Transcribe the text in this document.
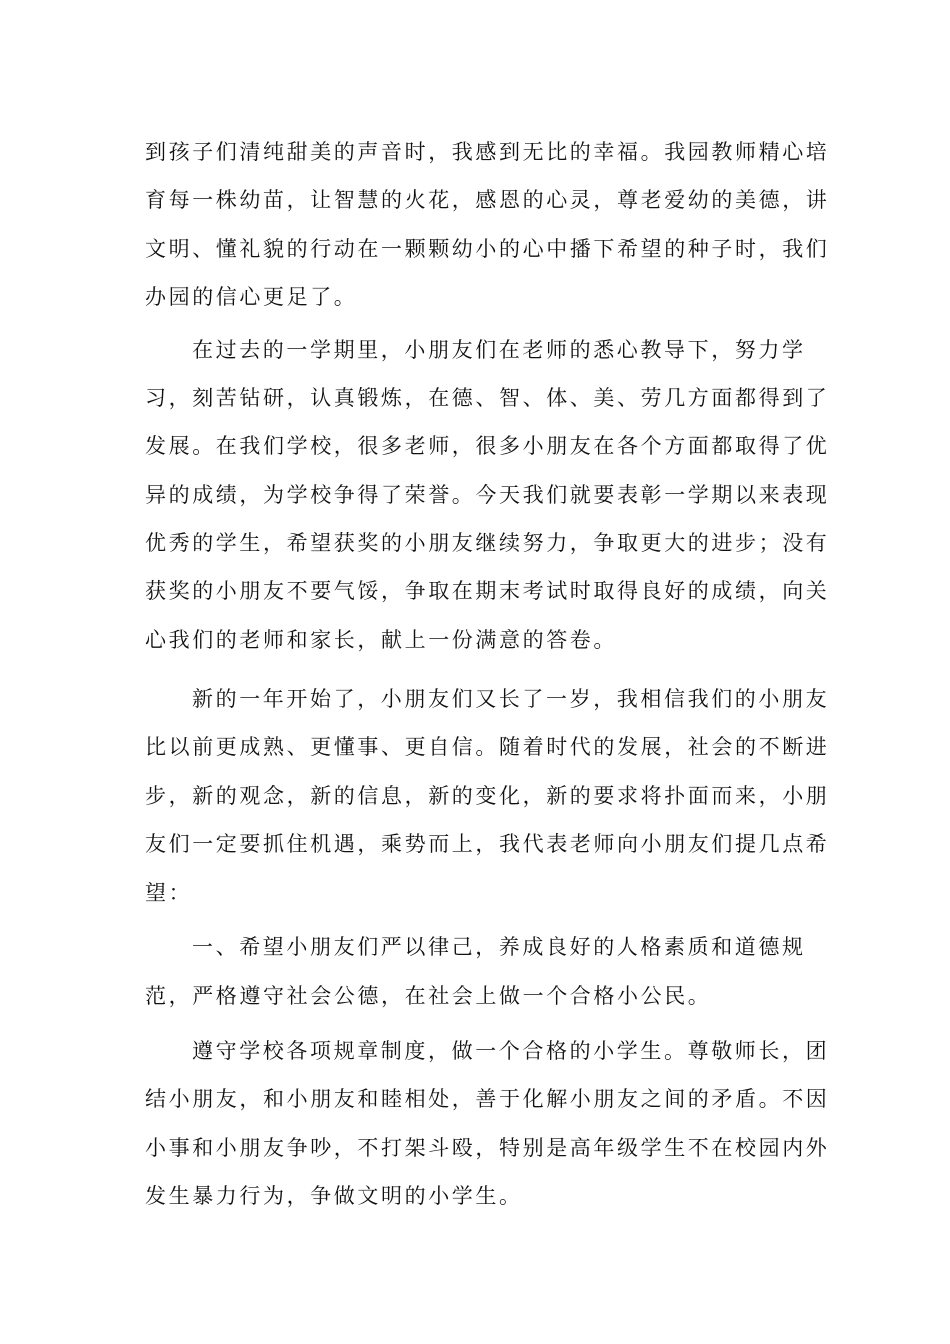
到孩子们清纯甜美的声音时，我感到无比的幸福。我园教师精心培
育每一株幼苗，让智慧的火花，感恩的心灵，尊老爱幼的美德，讲
文明、懂礼貌的行动在一颗颗幼小的心中播下希望的种子时，我们
办园的信心更足了。
在过去的一学期里，小朋友们在老师的悉心教导下，努力学
习，刻苦钻研，认真锻炼，在德、智、体、美、劳几方面都得到了
发展。在我们学校，很多老师，很多小朋友在各个方面都取得了优
异的成绩，为学校争得了荣誉。今天我们就要表彰一学期以来表现
优秀的学生，希望获奖的小朋友继续努力，争取更大的进步；没有
获奖的小朋友不要气馁，争取在期末考试时取得良好的成绩，向关
心我们的老师和家长，献上一份满意的答卷。
新的一年开始了，小朋友们又长了一岁，我相信我们的小朋友
比以前更成熟、更懂事、更自信。随着时代的发展，社会的不断进
步，新的观念，新的信息，新的变化，新的要求将扑面而来，小朋
友们一定要抓住机遇，乘势而上，我代表老师向小朋友们提几点希
望：
一、希望小朋友们严以律己，养成良好的人格素质和道德规
范，严格遵守社会公德，在社会上做一个合格小公民。
遵守学校各项规章制度，做一个合格的小学生。尊敬师长，团
结小朋友，和小朋友和睦相处，善于化解小朋友之间的矛盾。不因
小事和小朋友争吵，不打架斗殴，特别是高年级学生不在校园内外
发生暴力行为，争做文明的小学生。
